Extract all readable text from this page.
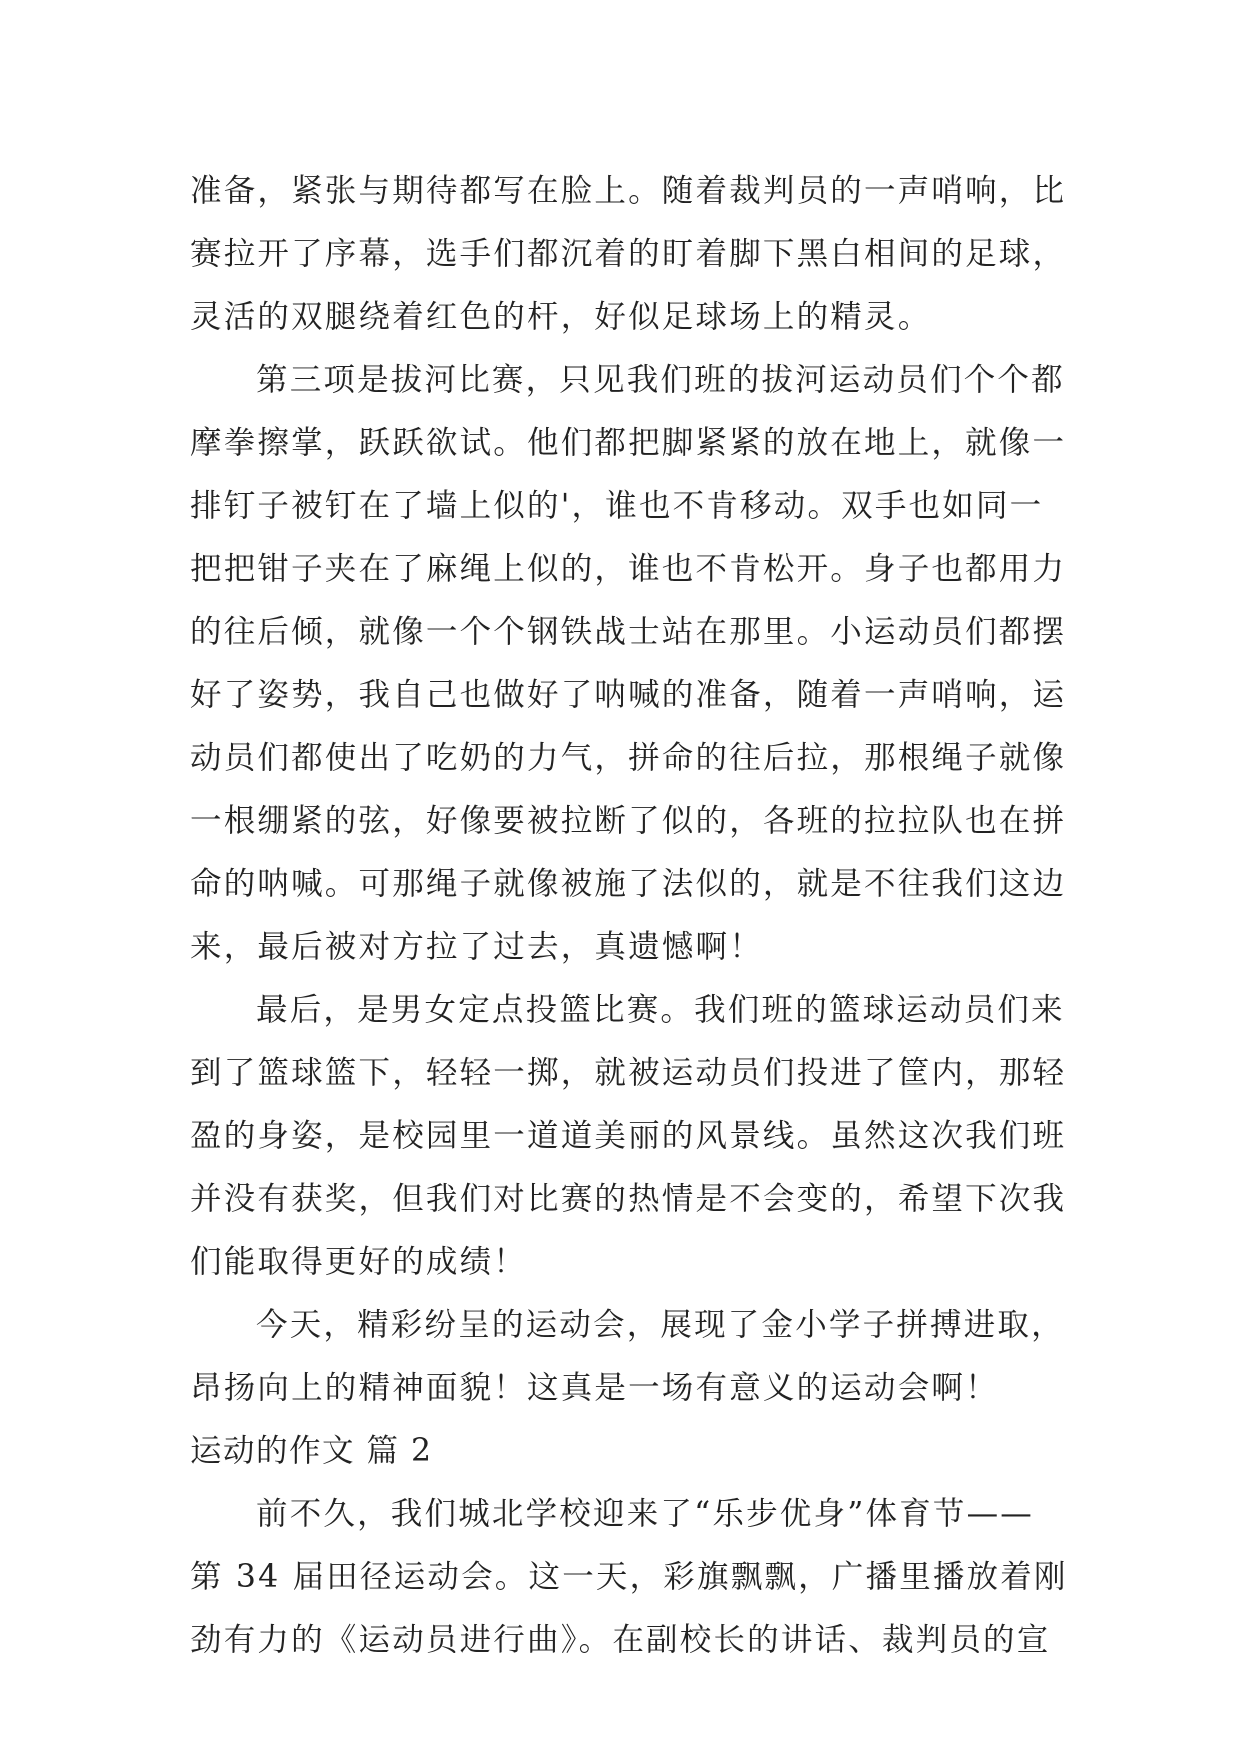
准备，紧张与期待都写在脸上。随着裁判员的一声哨响，比
赛拉开了序幕，选手们都沉着的盯着脚下黑白相间的足球，
灵活的双腿绕着红色的杆，好似足球场上的精灵。
第三项是拔河比赛，只见我们班的拔河运动员们个个都
摩拳擦掌，跃跃欲试。他们都把脚紧紧的放在地上，就像一
排钉子被钉在了墙上似的'，谁也不肯移动。双手也如同一
把把钳子夹在了麻绳上似的，谁也不肯松开。身子也都用力
的往后倾，就像一个个钢铁战士站在那里。小运动员们都摆
好了姿势，我自己也做好了呐喊的准备，随着一声哨响，运
动员们都使出了吃奶的力气，拼命的往后拉，那根绳子就像
一根绷紧的弦，好像要被拉断了似的，各班的拉拉队也在拼
命的呐喊。可那绳子就像被施了法似的，就是不往我们这边
来，最后被对方拉了过去，真遗憾啊！
最后，是男女定点投篮比赛。我们班的篮球运动员们来
到了篮球篮下，轻轻一掷，就被运动员们投进了筐内，那轻
盈的身姿，是校园里一道道美丽的风景线。虽然这次我们班
并没有获奖，但我们对比赛的热情是不会变的，希望下次我
们能取得更好的成绩！
今天，精彩纷呈的运动会，展现了金小学子拼搏进取，
昂扬向上的精神面貌！这真是一场有意义的运动会啊！
运动的作文 篇 2
前不久，我们城北学校迎来了“乐步优身”体育节——
第 34 届田径运动会。这一天，彩旗飘飘，广播里播放着刚
劲有力的《运动员进行曲》。在副校长的讲话、裁判员的宣
